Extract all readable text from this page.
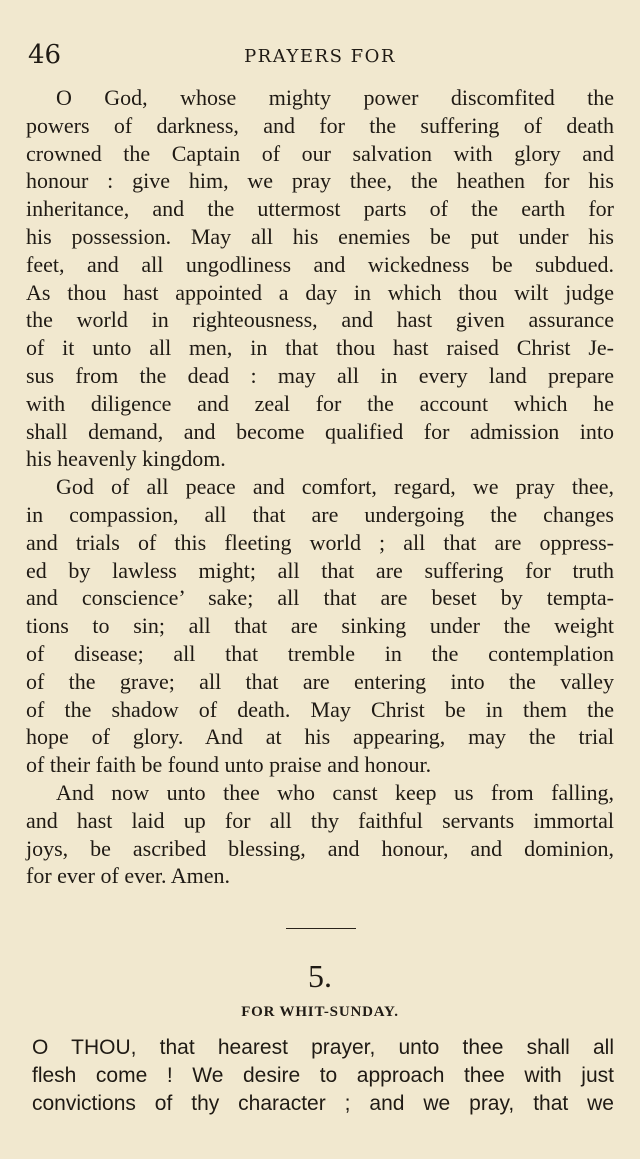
46	PRAYERS FOR
O God, whose mighty power discomfited the
powers of darkness, and for the suffering of death
crowned the Captain of our salvation with glory and
honour : give him, we pray thee, the heathen for his
inheritance, and the uttermost parts of the earth for
his possession. May all his enemies be put under his
feet, and all ungodliness and wickedness be subdued.
As thou hast appointed a day in which thou wilt judge
the world in righteousness, and hast given assurance
of it unto all men, in that thou hast raised Christ Je-
sus from the dead : may all in every land prepare
with diligence and zeal for the account which he
shall demand, and become qualified for admission into
his heavenly kingdom.
God of all peace and comfort, regard, we pray thee,
in compassion, all that are undergoing the changes
and trials of this fleeting world ; all that are oppress-
ed by lawless might; all that are suffering for truth
and conscience’ sake; all that are beset by tempta-
tions to sin; all that are sinking under the weight
of disease; all that tremble in the contemplation
of the grave; all that are entering into the valley
of the shadow of death. May Christ be in them the
hope of glory. And at his appearing, may the trial
of their faith be found unto praise and honour.
And now unto thee who canst keep us from falling,
and hast laid up for all thy faithful servants immortal
joys, be ascribed blessing, and honour, and dominion,
for ever of ever. Amen.
5.
FOR WHIT-SUNDAY.
O THOU, that hearest prayer, unto thee shall all
flesh come ! We desire to approach thee with just
convictions of thy character ; and we pray, that we
